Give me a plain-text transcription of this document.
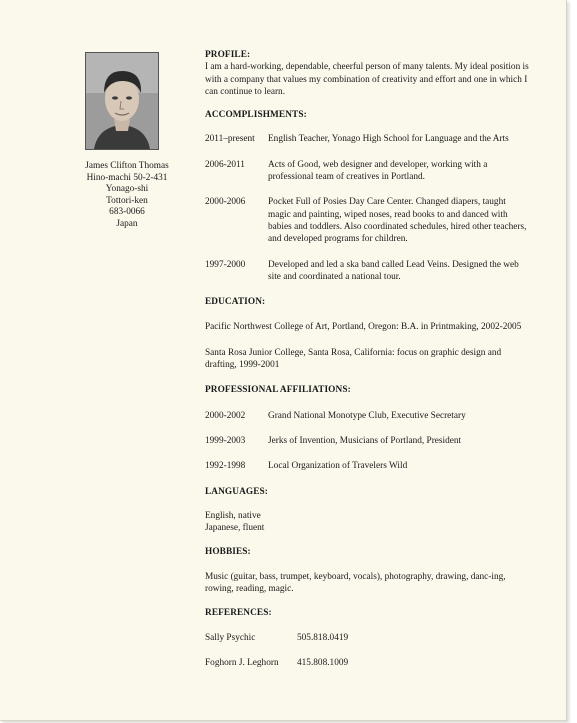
James Clifton Thomas
Hino-machi 50-2-431
Yonago-shi
Tottori-ken
683-0066
Japan
PROFILE:

I am a hard-working, dependable, cheerful person of many talents. My ideal position is with a company that values my combination of creativity and effort and one in which I can continue to learn.

ACCOMPLISHMENTS:
2011–present	English Teacher, Yonago High School for Language and the Arts
2006-2011	Acts of Good, web designer and developer, working with a professional team of creatives in Portland.
2000-2006	Pocket Full of Posies Day Care Center. Changed diapers, taught magic and painting, wiped noses, read books to and danced with babies and toddlers. Also coordinated schedules, hired other teachers, and developed programs for children.
1997-2000	Developed and led a ska band called Lead Veins. Designed the web site and coordinated a national tour.
EDUCATION:

Pacific Northwest College of Art, Portland, Oregon: B.A. in Printmaking, 2002-2005

Santa Rosa Junior College, Santa Rosa, California: focus on graphic design and drafting, 1999-2001

PROFESSIONAL AFFILIATIONS:
2000-2002	Grand National Monotype Club, Executive Secretary
1999-2003	Jerks of Invention, Musicians of Portland, President
1992-1998	Local Organization of Travelers Wild
LANGUAGES:

English, native

Japanese, fluent

HOBBIES:

Music (guitar, bass, trumpet, keyboard, vocals), photography, drawing, danc-ing, rowing, reading, magic.

REFERENCES:
Sally Psychic	505.818.0419
Foghorn J. Leghorn	415.808.1009
